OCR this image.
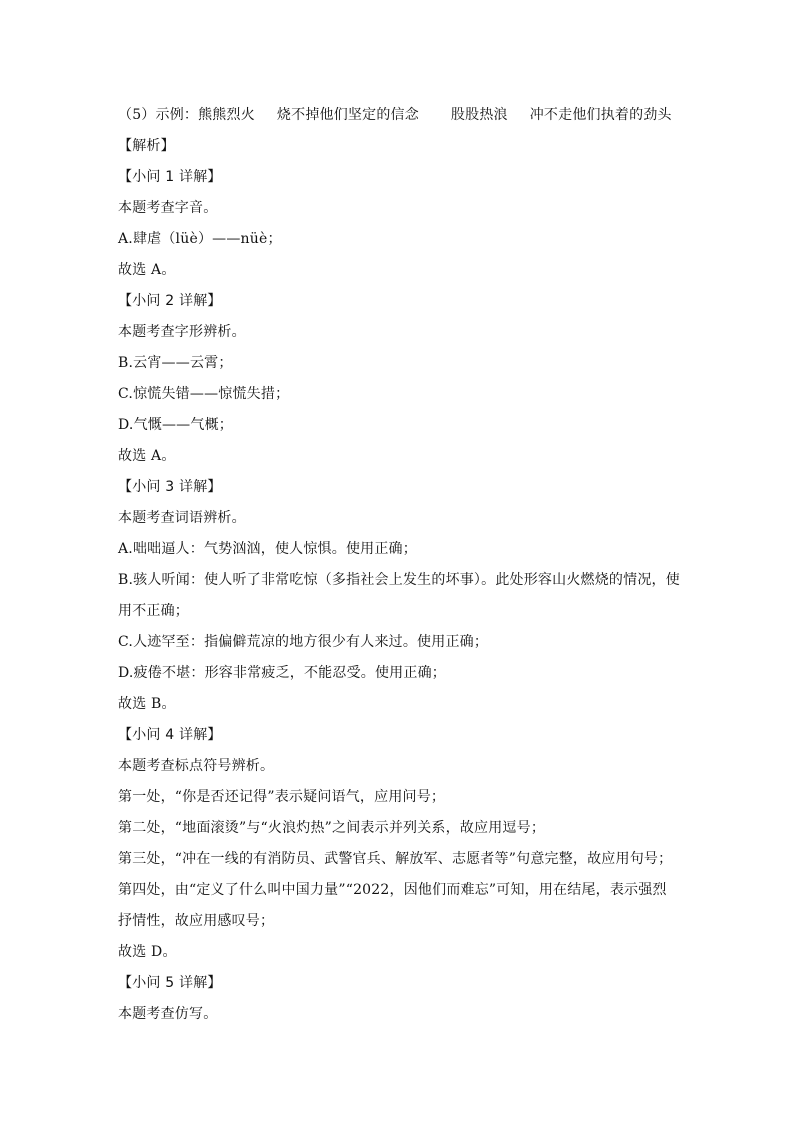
（5）示例：熊熊烈火 烧不掉他们坚定的信念 股股热浪 冲不走他们执着的劲头
【解析】
【小问 1 详解】
本题考查字音。
A.肆虐（lüè）——nüè；
故选 A。
【小问 2 详解】
本题考查字形辨析。
B.云宵——云霄；
C.惊慌失错——惊慌失措；
D.气慨——气概；
故选 A。
【小问 3 详解】
本题考查词语辨析。
A.咄咄逼人：气势汹汹，使人惊惧。使用正确；
B.骇人听闻：使人听了非常吃惊（多指社会上发生的坏事）。此处形容山火燃烧的情况，使
用不正确；
C.人迹罕至：指偏僻荒凉的地方很少有人来过。使用正确；
D.疲倦不堪：形容非常疲乏，不能忍受。使用正确；
故选 B。
【小问 4 详解】
本题考查标点符号辨析。
第一处，“你是否还记得”表示疑问语气，应用问号；
第二处，“地面滚烫”与“火浪灼热”之间表示并列关系，故应用逗号；
第三处，“冲在一线的有消防员、武警官兵、解放军、志愿者等”句意完整，故应用句号；
第四处，由“定义了什么叫中国力量”“2022，因他们而难忘”可知，用在结尾，表示强烈
抒情性，故应用感叹号；
故选 D。
【小问 5 详解】
本题考查仿写。
